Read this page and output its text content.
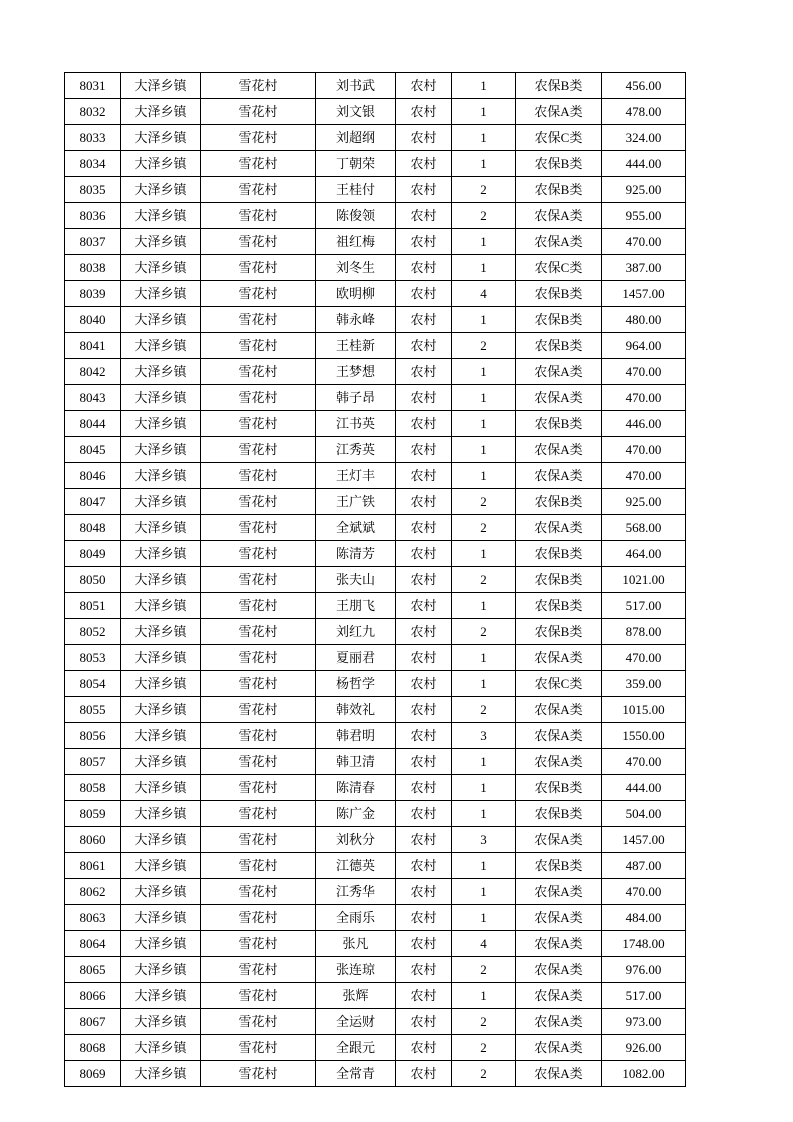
8031	大泽乡镇	雪花村	刘书武	农村	1	农保B类	456.00
8032	大泽乡镇	雪花村	刘文银	农村	1	农保A类	478.00
8033	大泽乡镇	雪花村	刘超纲	农村	1	农保C类	324.00
8034	大泽乡镇	雪花村	丁朝荣	农村	1	农保B类	444.00
8035	大泽乡镇	雪花村	王桂付	农村	2	农保B类	925.00
8036	大泽乡镇	雪花村	陈俊领	农村	2	农保A类	955.00
8037	大泽乡镇	雪花村	祖红梅	农村	1	农保A类	470.00
8038	大泽乡镇	雪花村	刘冬生	农村	1	农保C类	387.00
8039	大泽乡镇	雪花村	欧明柳	农村	4	农保B类	1457.00
8040	大泽乡镇	雪花村	韩永峰	农村	1	农保B类	480.00
8041	大泽乡镇	雪花村	王桂新	农村	2	农保B类	964.00
8042	大泽乡镇	雪花村	王梦想	农村	1	农保A类	470.00
8043	大泽乡镇	雪花村	韩子昂	农村	1	农保A类	470.00
8044	大泽乡镇	雪花村	江书英	农村	1	农保B类	446.00
8045	大泽乡镇	雪花村	江秀英	农村	1	农保A类	470.00
8046	大泽乡镇	雪花村	王灯丰	农村	1	农保A类	470.00
8047	大泽乡镇	雪花村	王广铁	农村	2	农保B类	925.00
8048	大泽乡镇	雪花村	全斌斌	农村	2	农保A类	568.00
8049	大泽乡镇	雪花村	陈清芳	农村	1	农保B类	464.00
8050	大泽乡镇	雪花村	张夫山	农村	2	农保B类	1021.00
8051	大泽乡镇	雪花村	王朋飞	农村	1	农保B类	517.00
8052	大泽乡镇	雪花村	刘红九	农村	2	农保B类	878.00
8053	大泽乡镇	雪花村	夏丽君	农村	1	农保A类	470.00
8054	大泽乡镇	雪花村	杨哲学	农村	1	农保C类	359.00
8055	大泽乡镇	雪花村	韩效礼	农村	2	农保A类	1015.00
8056	大泽乡镇	雪花村	韩君明	农村	3	农保A类	1550.00
8057	大泽乡镇	雪花村	韩卫清	农村	1	农保A类	470.00
8058	大泽乡镇	雪花村	陈清春	农村	1	农保B类	444.00
8059	大泽乡镇	雪花村	陈广金	农村	1	农保B类	504.00
8060	大泽乡镇	雪花村	刘秋分	农村	3	农保A类	1457.00
8061	大泽乡镇	雪花村	江德英	农村	1	农保B类	487.00
8062	大泽乡镇	雪花村	江秀华	农村	1	农保A类	470.00
8063	大泽乡镇	雪花村	全雨乐	农村	1	农保A类	484.00
8064	大泽乡镇	雪花村	张凡	农村	4	农保A类	1748.00
8065	大泽乡镇	雪花村	张连琼	农村	2	农保A类	976.00
8066	大泽乡镇	雪花村	张辉	农村	1	农保A类	517.00
8067	大泽乡镇	雪花村	全运财	农村	2	农保A类	973.00
8068	大泽乡镇	雪花村	全跟元	农村	2	农保A类	926.00
8069	大泽乡镇	雪花村	全常青	农村	2	农保A类	1082.00
